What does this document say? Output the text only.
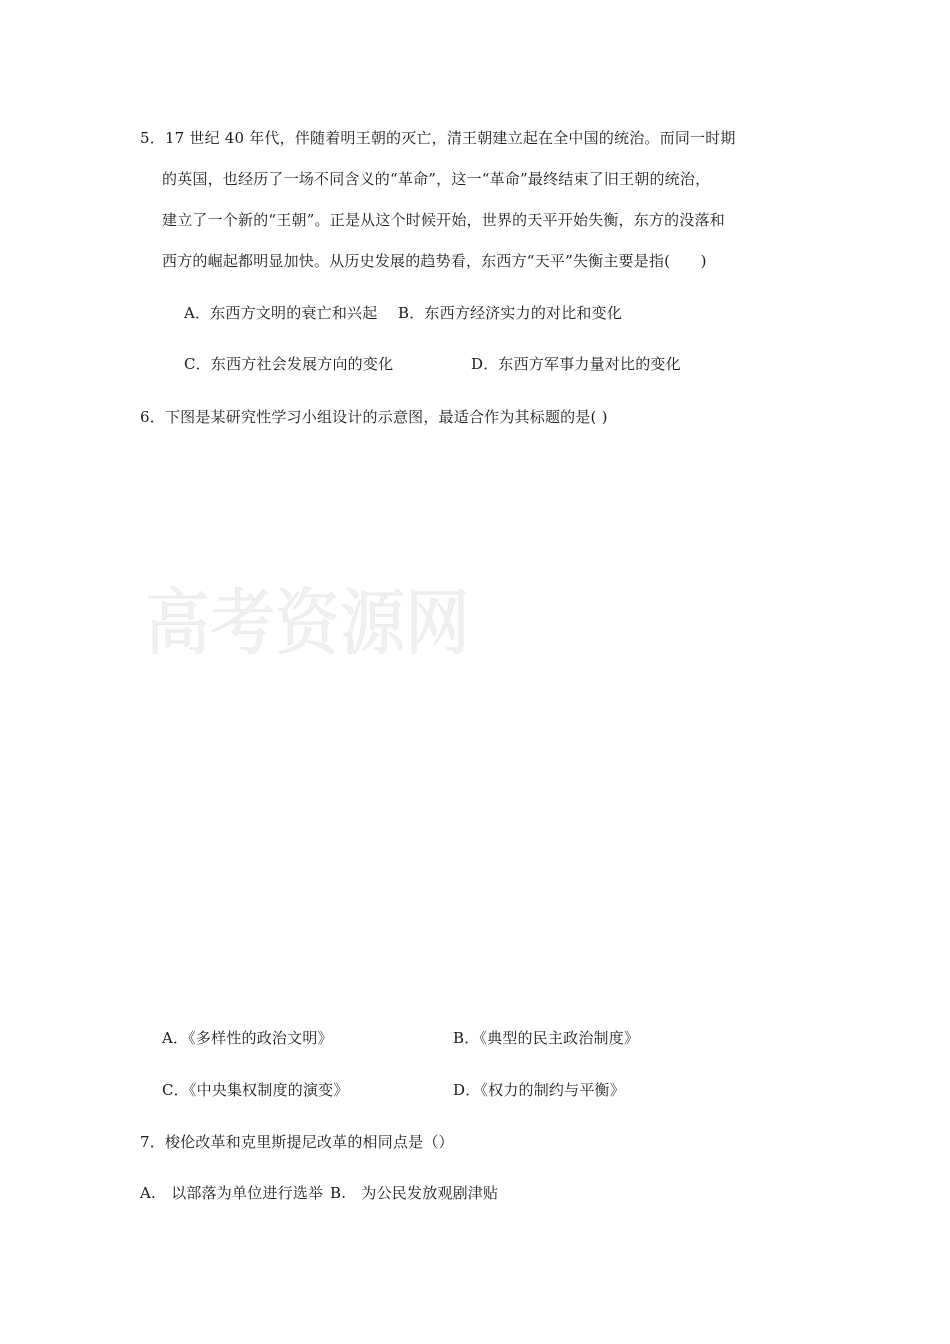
5．17 世纪 40 年代，伴随着明王朝的灭亡，清王朝建立起在全中国的统治。而同一时期
的英国，也经历了一场不同含义的“革命”，这一“革命”最终结束了旧王朝的统治，
建立了一个新的“王朝”。正是从这个时候开始，世界的天平开始失衡，东方的没落和
西方的崛起都明显加快。从历史发展的趋势看，东西方“天平”失衡主要是指(　　)
A．东西方文明的衰亡和兴起 B．东西方经济实力的对比和变化
C．东西方社会发展方向的变化	D．东西方军事力量对比的变化
6．下图是某研究性学习小组设计的示意图，最适合作为其标题的是( )
高考资源网
A．《多样性的政治文明》	B．《典型的民主政治制度》
C．《中央集权制度的演变》	D．《权力的制约与平衡》
7．梭伦改革和克里斯提尼改革的相同点是（）
A.　以部落为单位进行选举 B.　为公民发放观剧津贴
